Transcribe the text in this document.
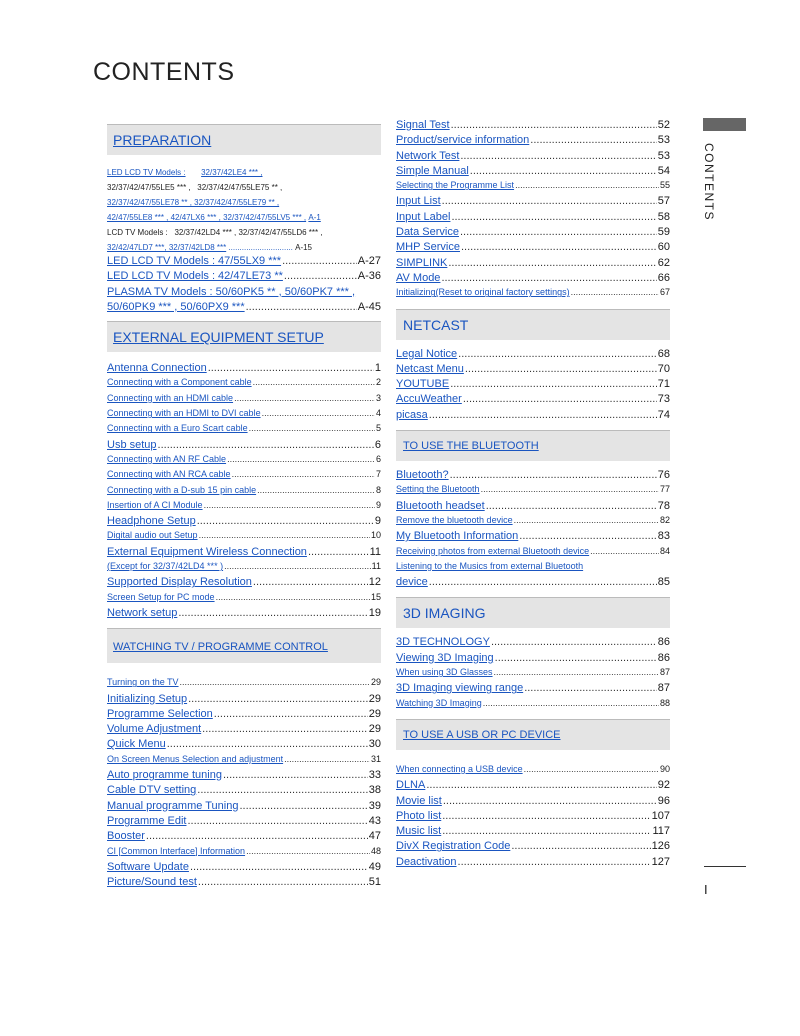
CONTENTS
CONTENTS
I
PREPARATION
LED LCD TV Models : 32/37/42LE4 *** ,
32/37/42/47/55LE5 *** , 32/37/42/47/55LE75 ** ,
32/37/42/47/55LE78 ** , 32/37/42/47/55LE79 ** ,
42/47/55LE8 *** , 42/47LX6 *** , 32/37/42/47/55LV5 *** , A-1
LCD TV Models : 32/37/42LD4 *** , 32/37/42/47/55LD6 *** ,
32/42/47LD7 ***, 32/37/42LD8 *** ............................. A-15
LED LCD TV Models : 47/55LX9 *** .....	A-27
LED LCD TV Models : 42/47LE73 ** .....	A-36
PLASMA TV Models : 50/60PK5 ** , 50/60PK7 *** ,
50/60PK9 *** , 50/60PX9 *** .....	A-45
EXTERNAL EQUIPMENT SETUP
Antenna Connection .....	1
Connecting with a Component cable .....	2
Connecting with an HDMI cable .....	3
Connecting with an HDMI to DVI cable .....	4
Connecting with a Euro Scart cable .....	5
Usb setup .....	6
Connecting with AN RF Cable .....	6
Connecting with AN RCA cable .....	7
Connecting with a D-sub 15 pin cable .....	8
Insertion of A CI Module .....	9
Headphone Setup .....	9
Digital audio out Setup .....	10
External Equipment Wireless Connection .....	11
(Except for 32/37/42LD4 *** ) .....	11
Supported Display Resolution .....	12
Screen Setup for PC mode .....	15
Network setup .....	19
WATCHING TV / PROGRAMME CONTROL
Turning on the TV .....	29
Initializing Setup .....	29
Programme Selection .....	29
Volume Adjustment .....	29
Quick Menu .....	30
On Screen Menus Selection and adjustment .....	31
Auto programme tuning .....	33
Cable DTV setting .....	38
Manual programme Tuning .....	39
Programme Edit .....	43
Booster .....	47
CI [Common Interface] Information .....	48
Software Update .....	49
Picture/Sound test .....	51
Signal Test .....	52
Product/service information .....	53
Network Test .....	53
Simple Manual .....	54
Selecting the Programme List .....	55
Input List .....	57
Input Label .....	58
Data Service .....	59
MHP Service .....	60
SIMPLINK .....	62
AV Mode .....	66
Initializing(Reset to original factory settings) .....	67
NETCAST
Legal Notice .....	68
Netcast Menu .....	70
YOUTUBE .....	71
AccuWeather .....	73
picasa .....	74
TO USE THE BLUETOOTH
Bluetooth? .....	76
Setting the Bluetooth .....	77
Bluetooth headset .....	78
Remove the bluetooth device .....	82
My Bluetooth Information .....	83
Receiving photos from external Bluetooth device .....	84
Listening to the Musics from external Bluetooth
device .....	85
3D IMAGING
3D TECHNOLOGY .....	86
Viewing 3D Imaging .....	86
When using 3D Glasses .....	87
3D Imaging viewing range .....	87
Watching 3D Imaging .....	88
TO USE A USB OR PC DEVICE
When connecting a USB device .....	90
DLNA .....	92
Movie list .....	96
Photo list .....	107
Music list .....	117
DivX Registration Code .....	126
Deactivation .....	127
